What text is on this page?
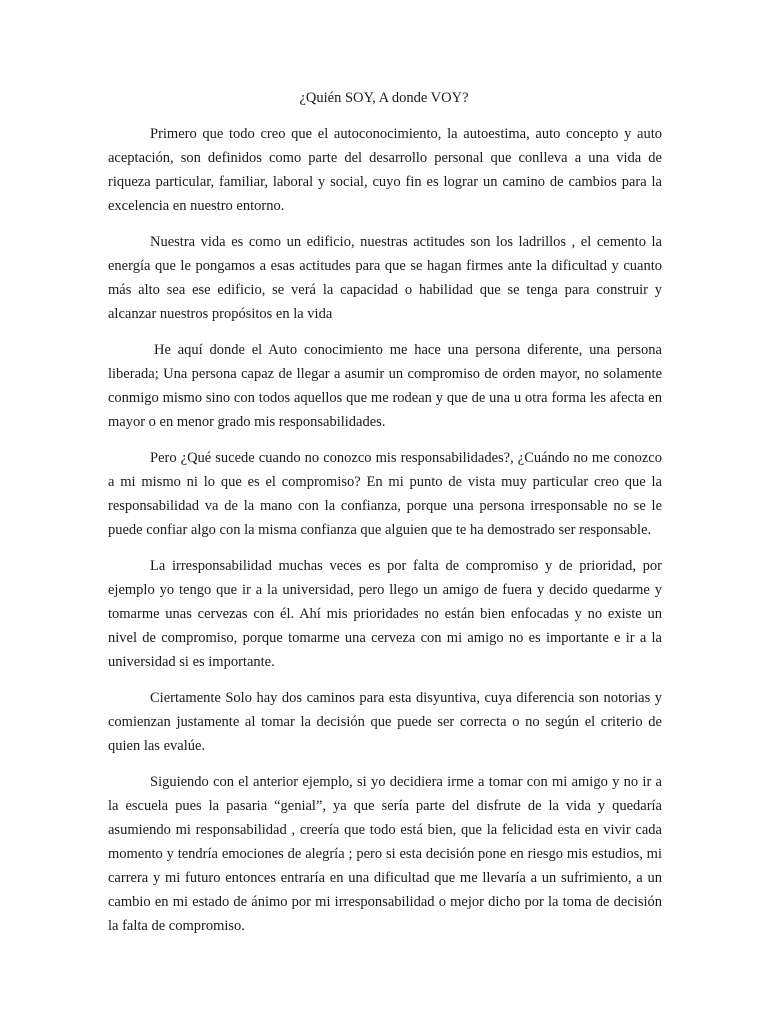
¿Quién SOY, A donde VOY?

Primero que todo creo que el autoconocimiento, la autoestima, auto concepto y auto aceptación, son definidos como parte del desarrollo personal que conlleva a una vida de riqueza particular, familiar, laboral y social, cuyo fin es lograr un camino de cambios para la excelencia en nuestro entorno.

Nuestra vida es como un edificio, nuestras actitudes son los ladrillos , el cemento la energía que le pongamos a esas actitudes para que se hagan firmes ante la dificultad y cuanto más alto sea ese edificio, se verá la capacidad o habilidad que se tenga para construir y alcanzar nuestros propósitos en la vida

He aquí donde el Auto conocimiento me hace una persona diferente, una persona liberada; Una persona capaz de llegar a asumir un compromiso de orden mayor, no solamente conmigo mismo sino con todos aquellos que me rodean y que de una u otra forma les afecta en mayor o en menor grado mis responsabilidades.

Pero ¿Qué sucede cuando no conozco mis responsabilidades?, ¿Cuándo no me conozco a mi mismo ni lo que es el compromiso? En mi punto de vista muy particular creo que la responsabilidad va de la mano con la confianza, porque una persona irresponsable no se le puede confiar algo con la misma confianza que alguien que te ha demostrado ser responsable.

La irresponsabilidad muchas veces es por falta de compromiso y de prioridad, por ejemplo yo tengo que ir a la universidad, pero llego un amigo de fuera y decido quedarme y tomarme unas cervezas con él. Ahí mis prioridades no están bien enfocadas y no existe un nivel de compromiso, porque tomarme una cerveza con mi amigo no es importante e ir a la universidad si es importante.

Ciertamente Solo hay dos caminos para esta disyuntiva, cuya diferencia son notorias y comienzan justamente al tomar la decisión que puede ser correcta o no según el criterio de quien las evalúe.

Siguiendo con el anterior ejemplo, si yo decidiera irme a tomar con mi amigo y no ir a la escuela pues la pasaria “genial”, ya que sería parte del disfrute de la vida y quedaría asumiendo mi responsabilidad , creería que todo está bien, que la felicidad esta en vivir cada momento y tendría emociones de alegría ; pero si esta decisión pone en riesgo mis estudios, mi carrera y mi futuro entonces entraría en una dificultad que me llevaría a un sufrimiento, a un cambio en mi estado de ánimo por mi irresponsabilidad o mejor dicho por la toma de decisión la falta de compromiso.
